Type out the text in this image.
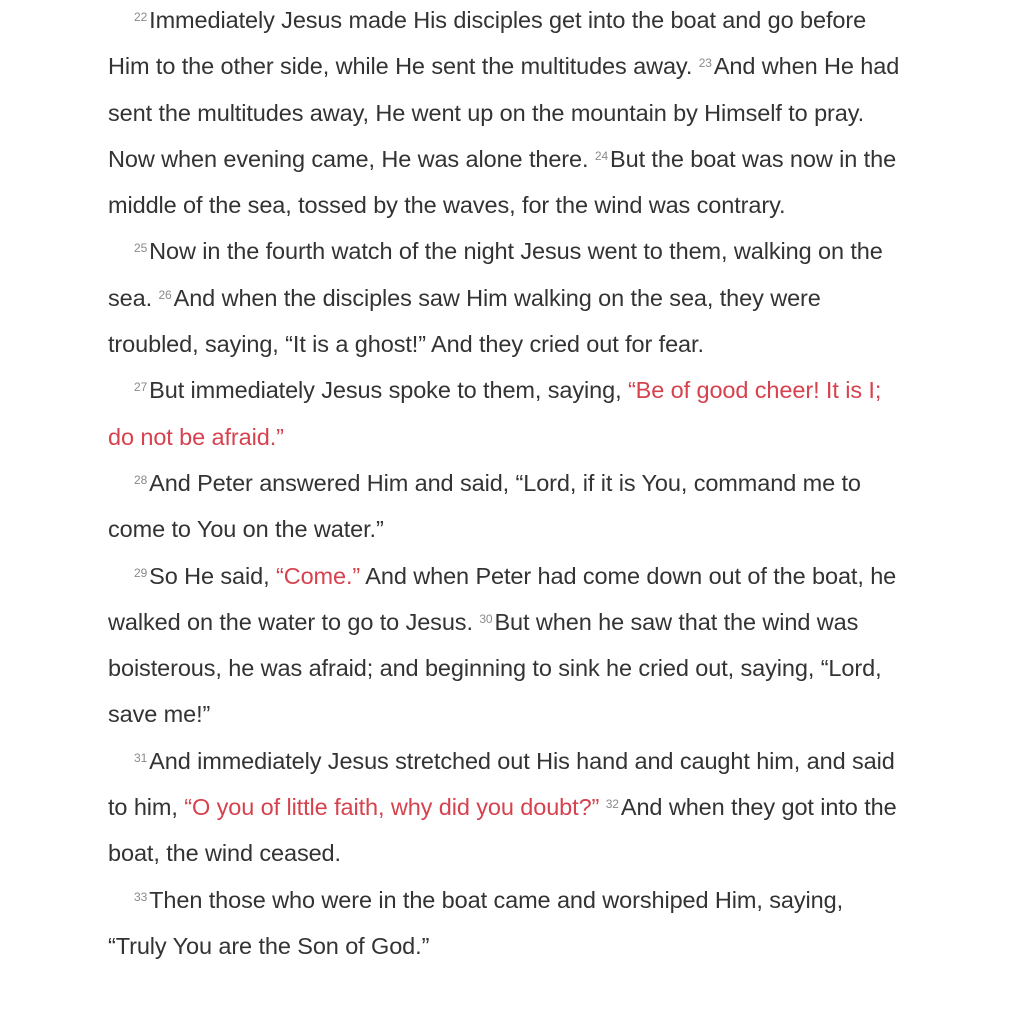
$^{22}$Immediately Jesus made His disciples get into the boat and go before Him to the other side, while He sent the multitudes away. $^{23}$And when He had sent the multitudes away, He went up on the mountain by Himself to pray. Now when evening came, He was alone there. $^{24}$But the boat was now in the middle of the sea, tossed by the waves, for the wind was contrary.

$^{25}$Now in the fourth watch of the night Jesus went to them, walking on the sea. $^{26}$And when the disciples saw Him walking on the sea, they were troubled, saying, “It is a ghost!” And they cried out for fear.

$^{27}$But immediately Jesus spoke to them, saying, “Be of good cheer! It is I; do not be afraid.”

$^{28}$And Peter answered Him and said, “Lord, if it is You, command me to come to You on the water.”

$^{29}$So He said, “Come.” And when Peter had come down out of the boat, he walked on the water to go to Jesus. $^{30}$But when he saw that the wind was boisterous, he was afraid; and beginning to sink he cried out, saying, “Lord, save me!”

$^{31}$And immediately Jesus stretched out His hand and caught him, and said to him, “O you of little faith, why did you doubt?” $^{32}$And when they got into the boat, the wind ceased.

$^{33}$Then those who were in the boat came and worshiped Him, saying, “Truly You are the Son of God.”
